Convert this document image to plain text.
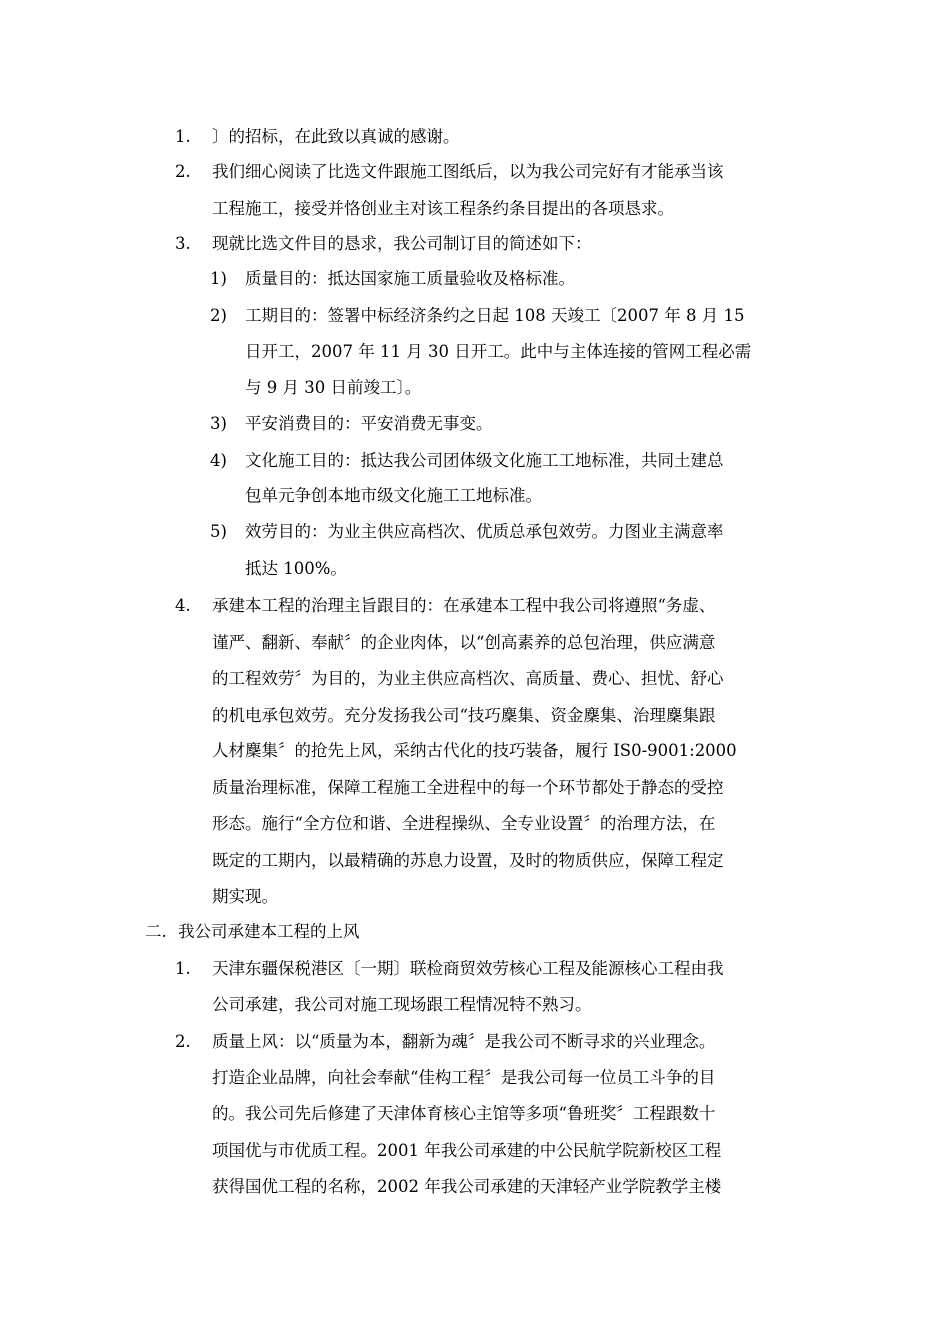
1. 〕的招标，在此致以真诚的感谢。
2. 我们细心阅读了比选文件跟施工图纸后，以为我公司完好有才能承当该
工程施工，接受并恪创业主对该工程条约条目提出的各项恳求。
3. 现就比选文件目的恳求，我公司制订目的简述如下：
1) 质量目的：抵达国家施工质量验收及格标准。
2) 工期目的：签署中标经济条约之日起 108 天竣工〔2007 年 8 月 15
日开工，2007 年 11 月 30 日开工。此中与主体连接的管网工程必需
与 9 月 30 日前竣工〕。
3) 平安消费目的：平安消费无事变。
4) 文化施工目的：抵达我公司团体级文化施工工地标准，共同土建总
包单元争创本地市级文化施工工地标准。
5) 效劳目的：为业主供应高档次、优质总承包效劳。力图业主满意率
抵达 100%。
4. 承建本工程的治理主旨跟目的：在承建本工程中我公司将遵照“务虚、
谨严、翻新、奉献〞的企业肉体，以“创高素养的总包治理，供应满意
的工程效劳〞为目的，为业主供应高档次、高质量、费心、担忧、舒心
的机电承包效劳。充分发扬我公司“技巧麇集、资金麇集、治理麇集跟
人材麇集〞的抢先上风，采纳古代化的技巧装备，履行 IS0-9001:2000
质量治理标准，保障工程施工全进程中的每一个环节都处于静态的受控
形态。施行“全方位和谐、全进程操纵、全专业设置〞的治理方法，在
既定的工期内，以最精确的苏息力设置，及时的物质供应，保障工程定
期实现。
二. 我公司承建本工程的上风
1. 天津东疆保税港区〔一期〕联检商贸效劳核心工程及能源核心工程由我
公司承建，我公司对施工现场跟工程情况特不熟习。
2. 质量上风：以“质量为本，翻新为魂〞是我公司不断寻求的兴业理念。
打造企业品牌，向社会奉献“佳构工程〞是我公司每一位员工斗争的目
的。我公司先后修建了天津体育核心主馆等多项“鲁班奖〞工程跟数十
项国优与市优质工程。2001 年我公司承建的中公民航学院新校区工程
获得国优工程的名称，2002 年我公司承建的天津轻产业学院教学主楼
